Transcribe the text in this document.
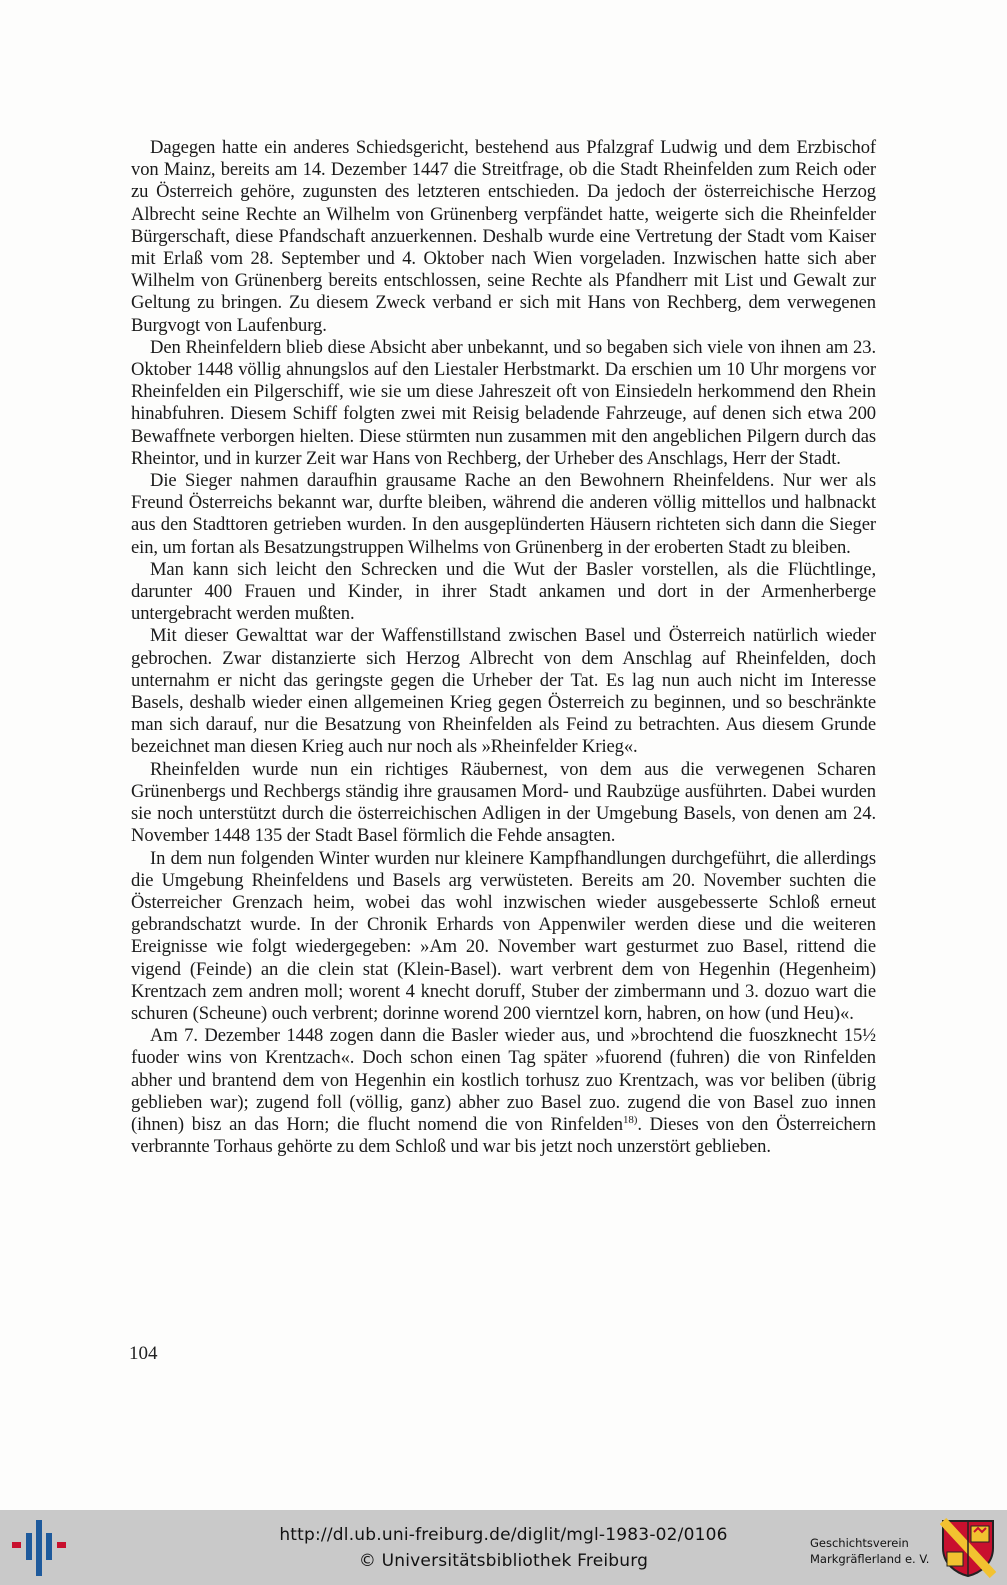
Dagegen hatte ein anderes Schiedsgericht, bestehend aus Pfalzgraf Ludwig und dem Erzbischof von Mainz, bereits am 14. Dezember 1447 die Streitfrage, ob die Stadt Rheinfelden zum Reich oder zu Österreich gehöre, zugunsten des letzteren entschieden. Da jedoch der österreichische Herzog Albrecht seine Rechte an Wilhelm von Grünenberg verpfändet hatte, weigerte sich die Rheinfelder Bürgerschaft, diese Pfandschaft anzuerkennen. Deshalb wurde eine Vertretung der Stadt vom Kaiser mit Erlaß vom 28. September und 4. Oktober nach Wien vorgeladen. Inzwischen hatte sich aber Wilhelm von Grünenberg bereits entschlossen, seine Rechte als Pfandherr mit List und Gewalt zur Geltung zu bringen. Zu diesem Zweck verband er sich mit Hans von Rechberg, dem verwegenen Burgvogt von Laufenburg.

Den Rheinfeldern blieb diese Absicht aber unbekannt, und so begaben sich viele von ihnen am 23. Oktober 1448 völlig ahnungslos auf den Liestaler Herbstmarkt. Da erschien um 10 Uhr morgens vor Rheinfelden ein Pilgerschiff, wie sie um diese Jahreszeit oft von Einsiedeln herkommend den Rhein hinabfuhren. Diesem Schiff folgten zwei mit Reisig beladende Fahrzeuge, auf denen sich etwa 200 Bewaffnete verborgen hielten. Diese stürmten nun zusammen mit den angeblichen Pilgern durch das Rheintor, und in kurzer Zeit war Hans von Rechberg, der Urheber des Anschlags, Herr der Stadt.

Die Sieger nahmen daraufhin grausame Rache an den Bewohnern Rheinfeldens. Nur wer als Freund Österreichs bekannt war, durfte bleiben, während die anderen völlig mittellos und halbnackt aus den Stadttoren getrieben wurden. In den ausgeplünderten Häusern richteten sich dann die Sieger ein, um fortan als Besatzungstruppen Wilhelms von Grünenberg in der eroberten Stadt zu bleiben.

Man kann sich leicht den Schrecken und die Wut der Basler vorstellen, als die Flüchtlinge, darunter 400 Frauen und Kinder, in ihrer Stadt ankamen und dort in der Armenherberge untergebracht werden mußten.

Mit dieser Gewalttat war der Waffenstillstand zwischen Basel und Österreich natürlich wieder gebrochen. Zwar distanzierte sich Herzog Albrecht von dem Anschlag auf Rheinfelden, doch unternahm er nicht das geringste gegen die Urheber der Tat. Es lag nun auch nicht im Interesse Basels, deshalb wieder einen allgemeinen Krieg gegen Österreich zu beginnen, und so beschränkte man sich darauf, nur die Besatzung von Rheinfelden als Feind zu betrachten. Aus diesem Grunde bezeichnet man diesen Krieg auch nur noch als »Rheinfelder Krieg«.

Rheinfelden wurde nun ein richtiges Räubernest, von dem aus die verwegenen Scharen Grünenbergs und Rechbergs ständig ihre grausamen Mord- und Raubzüge ausführten. Dabei wurden sie noch unterstützt durch die österreichischen Adligen in der Umgebung Basels, von denen am 24. November 1448 135 der Stadt Basel förmlich die Fehde ansagten.

In dem nun folgenden Winter wurden nur kleinere Kampfhandlungen durchgeführt, die allerdings die Umgebung Rheinfeldens und Basels arg verwüsteten. Bereits am 20. November suchten die Österreicher Grenzach heim, wobei das wohl inzwischen wieder ausgebesserte Schloß erneut gebrandschatzt wurde. In der Chronik Erhards von Appenwiler werden diese und die weiteren Ereignisse wie folgt wiedergegeben: »Am 20. November wart gesturmet zuo Basel, rittend die vigend (Feinde) an die clein stat (Klein-Basel). wart verbrent dem von Hegenhin (Hegenheim) Krentzach zem andren moll; worent 4 knecht doruff, Stuber der zimbermann und 3. dozuo wart die schuren (Scheune) ouch verbrent; dorinne worend 200 vierntzel korn, habren, on how (und Heu)«.

Am 7. Dezember 1448 zogen dann die Basler wieder aus, und »brochtend die fuoszknecht 15½ fuoder wins von Krentzach«. Doch schon einen Tag später »fuorend (fuhren) die von Rinfelden abher und brantend dem von Hegenhin ein kostlich torhusz zuo Krentzach, was vor beliben (übrig geblieben war); zugend foll (völlig, ganz) abher zuo Basel zuo. zugend die von Basel zuo innen (ihnen) bisz an das Horn; die flucht nomend die von Rinfelden$^{18)}$. Dieses von den Österreichern verbrannte Torhaus gehörte zu dem Schloß und war bis jetzt noch unzerstört geblieben.

104
http://dl.ub.uni-freiburg.de/diglit/mgl-1983-02/0106
© Universitätsbibliothek Freiburg
Geschichtsverein
Markgräflerland e. V.
